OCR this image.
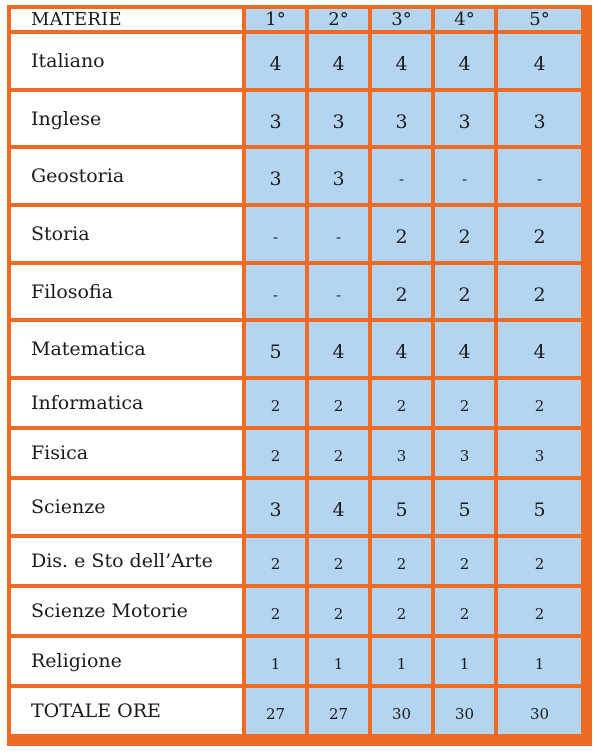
MATERIE	1°	2°	3°	4°	5°
Italiano	4	4	4	4	4
Inglese	3	3	3	3	3
Geostoria	3	3	-	-	-
Storia	-	-	2	2	2
Filosofia	-	-	2	2	2
Matematica	5	4	4	4	4
Informatica	2	2	2	2	2
Fisica	2	2	3	3	3
Scienze	3	4	5	5	5
Dis. e Sto dell’Arte	2	2	2	2	2
Scienze Motorie	2	2	2	2	2
Religione	1	1	1	1	1
TOTALE ORE	27	27	30	30	30
